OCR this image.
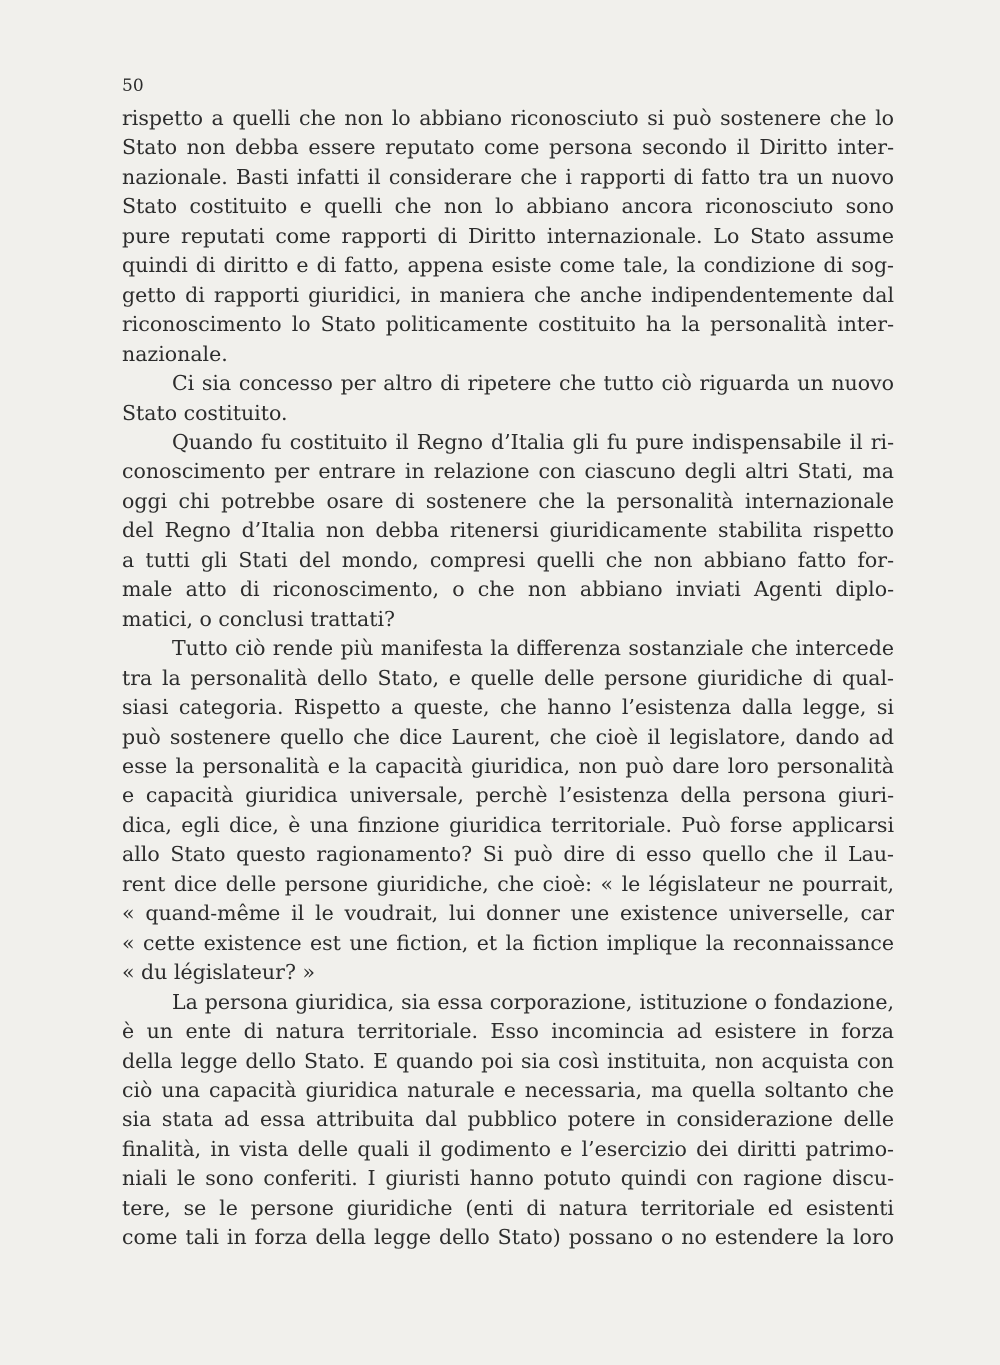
50
rispetto a quelli che non lo abbiano riconosciuto si può sostenere che lo
Stato non debba essere reputato come persona secondo il Diritto inter-
nazionale. Basti infatti il considerare che i rapporti di fatto tra un nuovo
Stato costituito e quelli che non lo abbiano ancora riconosciuto sono
pure reputati come rapporti di Diritto internazionale. Lo Stato assume
quindi di diritto e di fatto, appena esiste come tale, la condizione di sog-
getto di rapporti giuridici, in maniera che anche indipendentemente dal
riconoscimento lo Stato politicamente costituito ha la personalità inter-
nazionale.
Ci sia concesso per altro di ripetere che tutto ciò riguarda un nuovo
Stato costituito.
Quando fu costituito il Regno d’Italia gli fu pure indispensabile il ri-
conoscimento per entrare in relazione con ciascuno degli altri Stati, ma
oggi chi potrebbe osare di sostenere che la personalità internazionale
del Regno d’Italia non debba ritenersi giuridicamente stabilita rispetto
a tutti gli Stati del mondo, compresi quelli che non abbiano fatto for-
male atto di riconoscimento, o che non abbiano inviati Agenti diplo-
matici, o conclusi trattati?
Tutto ciò rende più manifesta la differenza sostanziale che intercede
tra la personalità dello Stato, e quelle delle persone giuridiche di qual-
siasi categoria. Rispetto a queste, che hanno l’esistenza dalla legge, si
può sostenere quello che dice Laurent, che cioè il legislatore, dando ad
esse la personalità e la capacità giuridica, non può dare loro personalità
e capacità giuridica universale, perchè l’esistenza della persona giuri-
dica, egli dice, è una finzione giuridica territoriale. Può forse applicarsi
allo Stato questo ragionamento? Si può dire di esso quello che il Lau-
rent dice delle persone giuridiche, che cioè: « le législateur ne pourrait,
« quand-même il le voudrait, lui donner une existence universelle, car
« cette existence est une fiction, et la fiction implique la reconnaissance
« du législateur? »
La persona giuridica, sia essa corporazione, istituzione o fondazione,
è un ente di natura territoriale. Esso incomincia ad esistere in forza
della legge dello Stato. E quando poi sia così instituita, non acquista con
ciò una capacità giuridica naturale e necessaria, ma quella soltanto che
sia stata ad essa attribuita dal pubblico potere in considerazione delle
finalità, in vista delle quali il godimento e l’esercizio dei diritti patrimo-
niali le sono conferiti. I giuristi hanno potuto quindi con ragione discu-
tere, se le persone giuridiche (enti di natura territoriale ed esistenti
come tali in forza della legge dello Stato) possano o no estendere la loro
